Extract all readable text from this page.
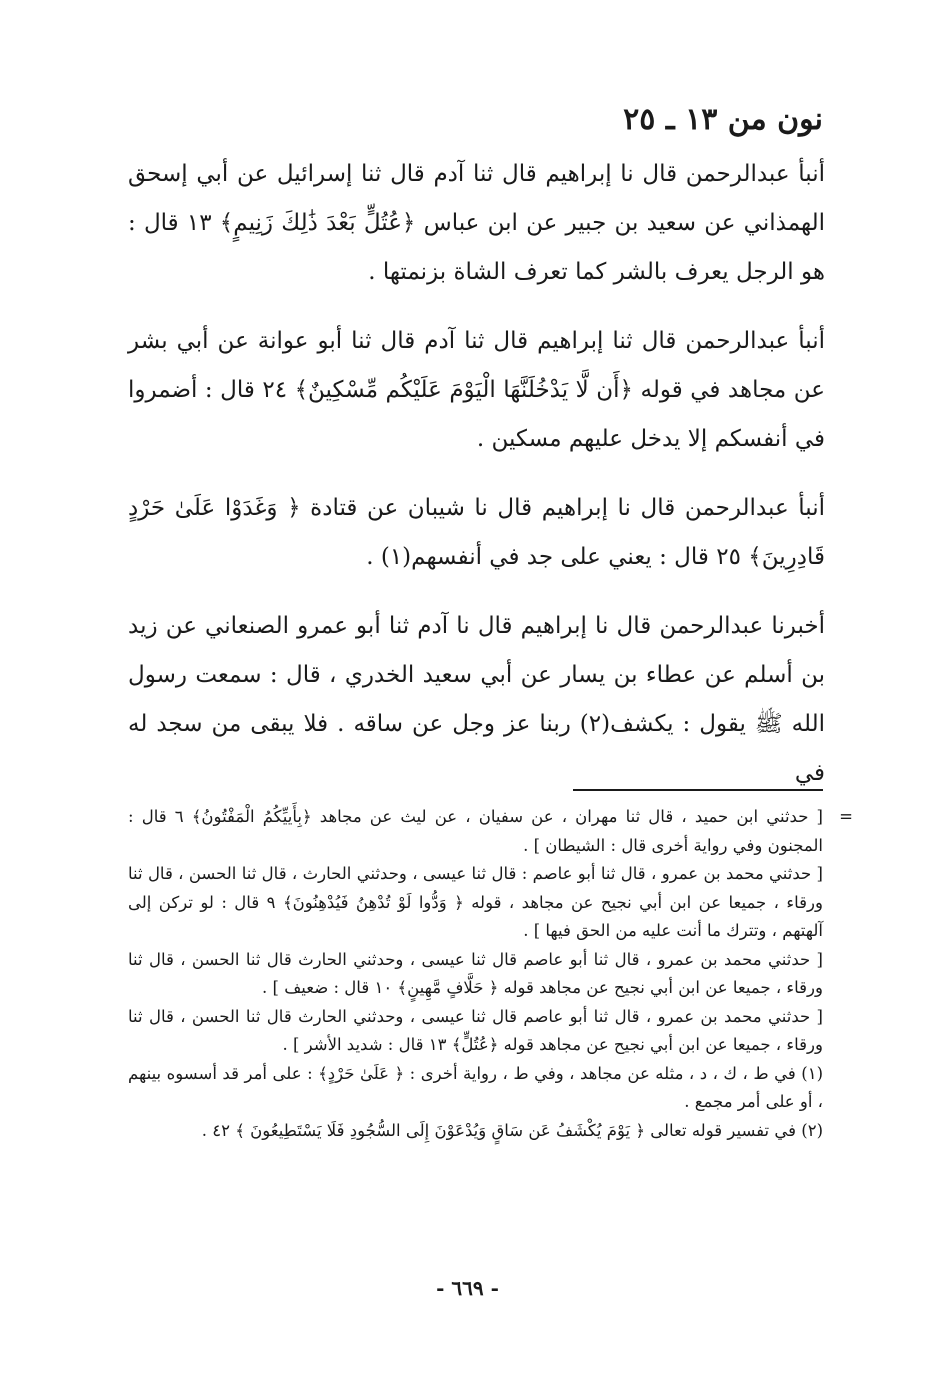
نون من ١٣ ـ ٢٥

أنبأ عبدالرحمن قال نا إبراهيم قال ثنا آدم قال ثنا إسرائيل عن أبي إسحق الهمذاني عن سعيد بن جبير عن ابن عباس ﴿عُتُلٍّ بَعْدَ ذَٰلِكَ زَنِيمٍ﴾ ١٣ قال : هو الرجل يعرف بالشر كما تعرف الشاة بزنمتها .

أنبأ عبدالرحمن قال ثنا إبراهيم قال ثنا آدم قال ثنا أبو عوانة عن أبي بشر عن مجاهد في قوله ﴿أَن لَّا يَدْخُلَنَّهَا الْيَوْمَ عَلَيْكُم مِّسْكِينٌ﴾ ٢٤ قال : أضمروا في أنفسكم إلا يدخل عليهم مسكين .

أنبأ عبدالرحمن قال نا إبراهيم قال نا شيبان عن قتادة ﴿ وَغَدَوْا عَلَىٰ حَرْدٍ قَادِرِينَ﴾ ٢٥ قال : يعني على جد في أنفسهم(١) .

أخبرنا عبدالرحمن قال نا إبراهيم قال نا آدم ثنا أبو عمرو الصنعاني عن زيد بن أسلم عن عطاء بن يسار عن أبي سعيد الخدري ، قال : سمعت رسول الله ﷺ يقول : يكشف(٢) ربنا عز وجل عن ساقه . فلا يبقى من سجد له في

=
[ حدثني ابن حميد ، قال ثنا مهران ، عن سفيان ، عن ليث عن مجاهد ﴿بِأَييِّكُمُ الْمَفْتُونُ﴾ ٦ قال : المجنون وفي رواية أخرى قال : الشيطان ] .

[ حدثني محمد بن عمرو ، قال ثنا أبو عاصم : قال ثنا عيسى ، وحدثني الحارث ، قال ثنا الحسن ، قال ثنا ورقاء ، جميعا عن ابن أبي نجيح عن مجاهد ، قوله ﴿ وَدُّوا لَوْ تُدْهِنُ فَيُدْهِنُونَ﴾ ٩ قال : لو تركن إلى آلهتهم ، وتترك ما أنت عليه من الحق فيها ] .

[ حدثني محمد بن عمرو ، قال ثنا أبو عاصم قال ثنا عيسى ، وحدثني الحارث قال ثنا الحسن ، قال ثنا ورقاء ، جميعا عن ابن أبي نجيح عن مجاهد قوله ﴿ حَلَّافٍ مَّهِينٍ﴾ ١٠ قال : ضعيف ] .

[ حدثني محمد بن عمرو ، قال ثنا أبو عاصم قال ثنا عيسى ، وحدثني الحارث قال ثنا الحسن ، قال ثنا ورقاء ، جميعا عن ابن أبي نجيح عن مجاهد قوله ﴿عُتُلٍّ﴾ ١٣ قال : شديد الأشر ] .

(١) في ط ، ك ، د ، مثله عن مجاهد ، وفي ط ، رواية أخرى : ﴿ عَلَىٰ حَرْدٍ﴾ : على أمر قد أسسوه بينهم ، أو على أمر مجمع .

(٢) في تفسير قوله تعالى ﴿ يَوْمَ يُكْشَفُ عَن سَاقٍ وَيُدْعَوْنَ إِلَى السُّجُودِ فَلَا يَسْتَطِيعُونَ ﴾ ٤٢ .

- ٦٦٩ -
